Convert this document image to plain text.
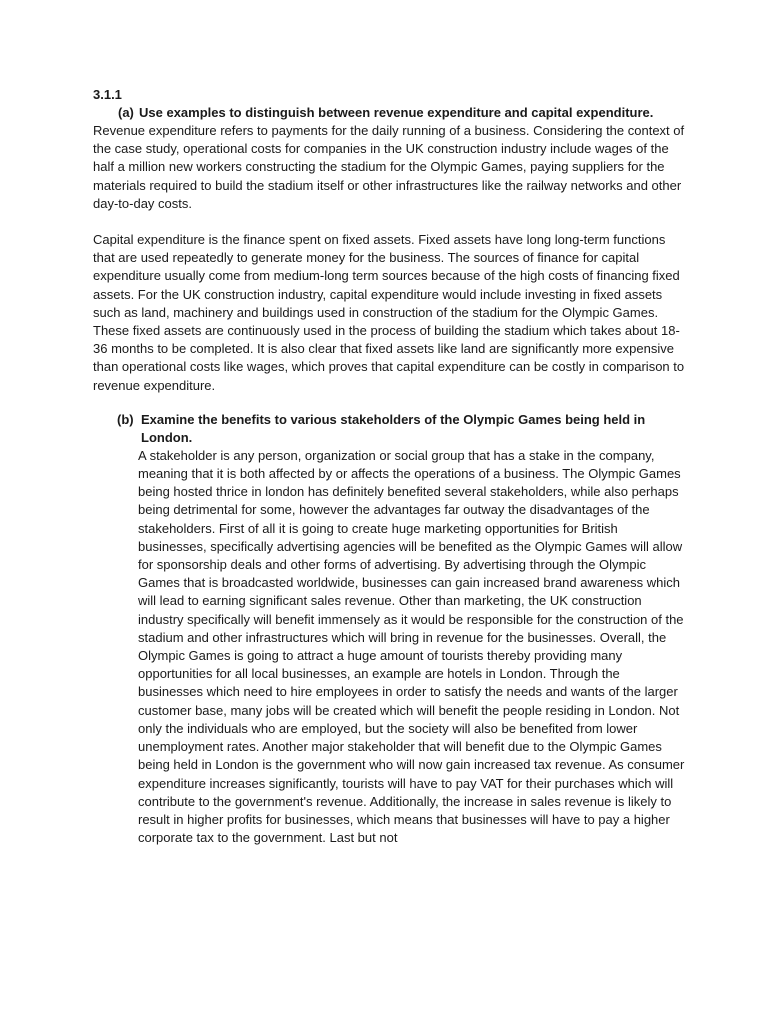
3.1.1
(a) Use examples to distinguish between revenue expenditure and capital expenditure.

Revenue expenditure refers to payments for the daily running of a business. Considering the context of the case study, operational costs for companies in the UK construction industry include wages of the half a million new workers constructing the stadium for the Olympic Games, paying suppliers for the materials required to build the stadium itself or other infrastructures like the railway networks and other day-to-day costs.

Capital expenditure is the finance spent on fixed assets. Fixed assets have long long-term functions that are used repeatedly to generate money for the business. The sources of finance for capital expenditure usually come from medium-long term sources because of the high costs of financing fixed assets. For the UK construction industry, capital expenditure would include investing in fixed assets such as land, machinery and buildings used in construction of the stadium for the Olympic Games. These fixed assets are continuously used in the process of building the stadium which takes about 18-36 months to be completed. It is also clear that fixed assets like land are significantly more expensive than operational costs like wages, which proves that capital expenditure can be costly in comparison to revenue expenditure.

(b) Examine the benefits to various stakeholders of the Olympic Games being held in London.

A stakeholder is any person, organization or social group that has a stake in the company, meaning that it is both affected by or affects the operations of a business. The Olympic Games being hosted thrice in london has definitely benefited several stakeholders, while also perhaps being detrimental for some, however the advantages far outway the disadvantages of the stakeholders. First of all it is going to create huge marketing opportunities for British businesses, specifically advertising agencies will be benefited as the Olympic Games will allow for sponsorship deals and other forms of advertising. By advertising through the Olympic Games that is broadcasted worldwide, businesses can gain increased brand awareness which will lead to earning significant sales revenue. Other than marketing, the UK construction industry specifically will benefit immensely as it would be responsible for the construction of the stadium and other infrastructures which will bring in revenue for the businesses. Overall, the Olympic Games is going to attract a huge amount of tourists thereby providing many opportunities for all local businesses, an example are hotels in London. Through the businesses which need to hire employees in order to satisfy the needs and wants of the larger customer base, many jobs will be created which will benefit the people residing in London. Not only the individuals who are employed, but the society will also be benefited from lower unemployment rates. Another major stakeholder that will benefit due to the Olympic Games being held in London is the government who will now gain increased tax revenue. As consumer expenditure increases significantly, tourists will have to pay VAT for their purchases which will contribute to the government's revenue. Additionally, the increase in sales revenue is likely to result in higher profits for businesses, which means that businesses will have to pay a higher corporate tax to the government. Last but not
